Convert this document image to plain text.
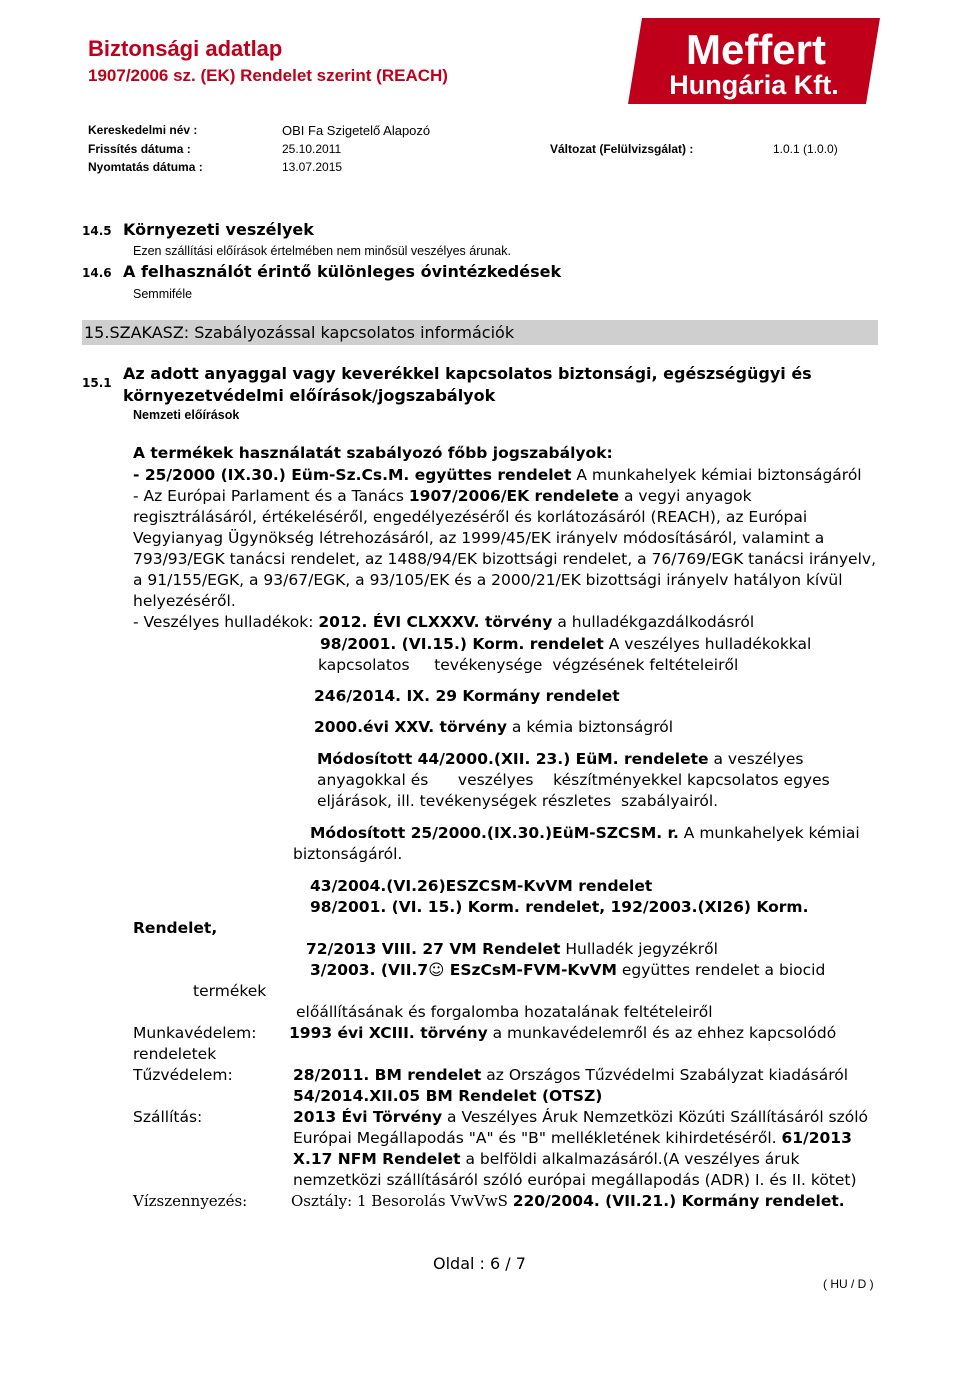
Biztonsági adatlap
1907/2006 sz. (EK) Rendelet szerint (REACH)
Meffert
Hungária Kft.
Kereskedelmi név :	OBI Fa Szigetelő Alapozó
Frissítés dátuma :	25.10.2011	Változat (Felülvizsgálat) :	1.0.1 (1.0.0)
Nyomtatás dátuma :	13.07.2015
14.5 Környezeti veszélyek
Ezen szállítási előírások értelmében nem minősül veszélyes árunak.
14.6 A felhasználót érintő különleges óvintézkedések
Semmiféle
15.SZAKASZ: Szabályozással kapcsolatos információk
15.1 Az adott anyaggal vagy keverékkel kapcsolatos biztonsági, egészségügyi és
környezetvédelmi előírások/jogszabályok
Nemzeti előírások
A termékek használatát szabályozó főbb jogszabályok:
- 25/2000 (IX.30.) Eüm-Sz.Cs.M. együttes rendelet A munkahelyek kémiai biztonságáról
- Az Európai Parlament és a Tanács 1907/2006/EK rendelete a vegyi anyagok
regisztrálásáról, értékeléséről, engedélyezéséről és korlátozásáról (REACH), az Európai
Vegyianyag Ügynökség létrehozásáról, az 1999/45/EK irányelv módosításáról, valamint a
793/93/EGK tanácsi rendelet, az 1488/94/EK bizottsági rendelet, a 76/769/EGK tanácsi irányelv,
a 91/155/EGK, a 93/67/EGK, a 93/105/EK és a 2000/21/EK bizottsági irányelv hatályon kívül
helyezéséről.
- Veszélyes hulladékok: 2012. ÉVI CLXXXV. törvény a hulladékgazdálkodásról
98/2001. (VI.15.) Korm. rendelet A veszélyes hulladékokkal
kapcsolatos     tevékenysége  végzésének feltételeiről
246/2014. IX. 29 Kormány rendelet
2000.évi XXV. törvény a kémia biztonságról
Módosított 44/2000.(XII. 23.) EüM. rendelete a veszélyes
anyagokkal és      veszélyes    készítményekkel kapcsolatos egyes
eljárások, ill. tevékenységek részletes  szabályairól.
Módosított 25/2000.(IX.30.)EüM-SZCSM. r. A munkahelyek kémiai
biztonságáról.
43/2004.(VI.26)ESZCSM-KvVM rendelet
98/2001. (VI. 15.) Korm. rendelet, 192/2003.(XI26) Korm.
Rendelet,
72/2013 VIII. 27 VM Rendelet Hulladék jegyzékről
3/2003. (VII.7☺ ESzCsM-FVM-KvVM együttes rendelet a biocid
termékek
előállításának és forgalomba hozatalának feltételeiről
Munkavédelem: 1993 évi XCIII. törvény a munkavédelemről és az ehhez kapcsolódó
rendeletek
Tűzvédelem:	28/2011. BM rendelet az Országos Tűzvédelmi Szabályzat kiadásáról
54/2014.XII.05 BM Rendelet (OTSZ)
Szállítás:	2013 Évi Törvény a Veszélyes Áruk Nemzetközi Közúti Szállításáról szóló
Európai Megállapodás "A" és "B" mellékletének kihirdetéséről. 61/2013
X.17 NFM Rendelet a belföldi alkalmazásáról.(A veszélyes áruk
nemzetközi szállításáról szóló európai megállapodás (ADR) I. és II. kötet)
Vízszennyezés:	Osztály: 1 Besorolás VwVwS 220/2004. (VII.21.) Kormány rendelet.
Oldal : 6 / 7
( HU / D )
